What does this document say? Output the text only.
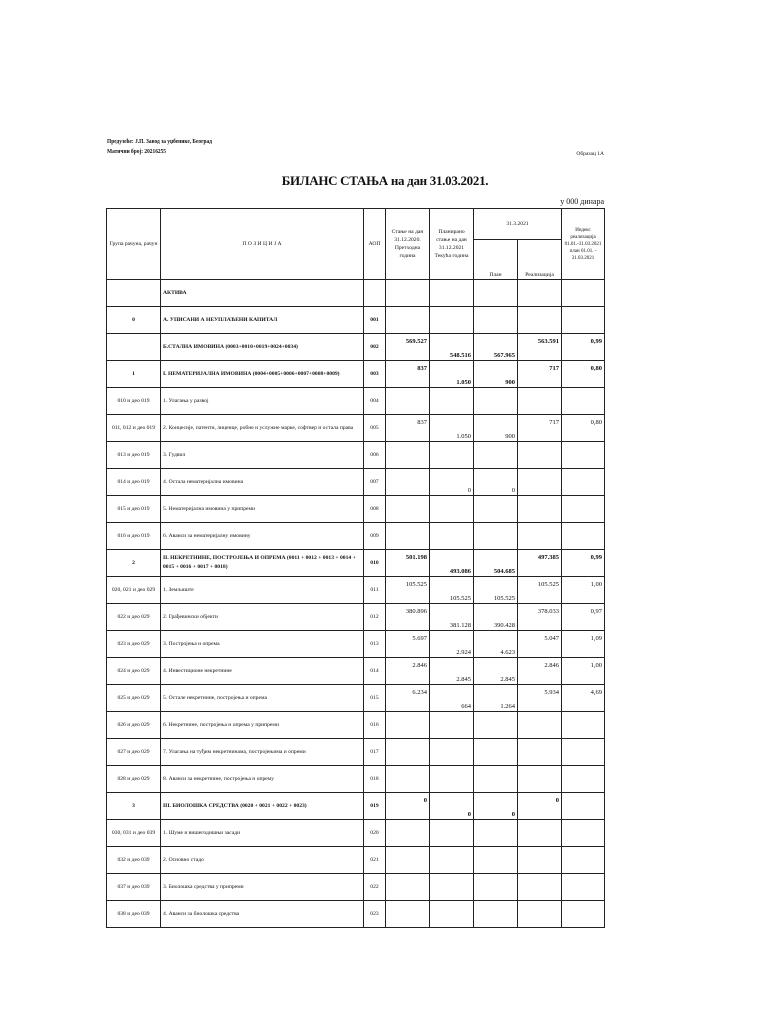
Предузеће: Ј.П. Завод за уџбенике, Београд
Матични број: 20216255	Образац 1А
БИЛАНС СТАЊА на дан 31.03.2021.
у 000 динара
Група рачуна, рачун	П О З И Ц И Ј А	АОП	Стање на дан 31.12.2020. Претходна година	Планирано стање на дан 31.12.2021 Текућа година	31.3.2021		Индекс реализација 01.01.-31.03.2021 план 01.01. - 31.03.2021
					План	Реализација	
	АКТИВА						
0	А. УПИСАНИ А НЕУПЛАЋЕНИ КАПИТАЛ	001					
	Б.СТАЛНА ИМОВИНА (0003+0010+0019+0024+0034)	002	569.527	548.516	567.965	563.591	0,99
1	I. НЕМАТЕРИЈАЛНА ИМОВИНА (0004+0005+0006+0007+0008+0009)	003	837	1.050	900	717	0,80
010 и део 019	1. Улагања у развој	004					
011, 012 и део 019	2. Концесије, патенти, лиценце, робне и услужне марке, софтвер и остала права	005	837	1.050	900	717	0,80
013 и део 019	3. Гудвил	006					
014 и део 019	4. Остала нематеријална имовина	007		0	0		
015 и део 019	5. Нематеријална имовина у припреми	008					
016 и део 019	6. Аванси за нематеријалну имовину	009					
2	II. НЕКРЕТНИНЕ, ПОСТРОЈЕЊА И ОПРЕМА (0011 + 0012 + 0013 + 0014 + 0015 + 0016 + 0017 + 0018)	010	501.198	493.086	504.685	497.385	0,99
020, 021 и део 029	1. Земљиште	011	105.525	105.525	105.525	105.525	1,00
022 и део 029	2. Грађевински објекти	012	380.896	381.128	390.428	378.033	0,97
023 и део 029	3. Постројења и опрема	013	5.697	2.924	4.623	5.047	1,09
024 и део 029	4. Инвестиционе некретнине	014	2.846	2.845	2.845	2.846	1,00
025 и део 029	5. Остале некретнине, постројења и опрема	015	6.234	664	1.264	5.934	4,69
026 и део 029	6. Некретнине, постројења и опрема у припреми	016					
027 и део 029	7. Улагања на туђим некретнинама, постројењима и опреми	017					
028 и део 029	8. Аванси за некретнине, постројења и опрему	018					
3	III. БИОЛОШКА СРЕДСТВА (0020 + 0021 + 0022 + 0023)	019	0	0	0	0	
030, 031 и део 039	1. Шуме и вишегодишњи засади	020					
032 и део 039	2. Основно стадо	021					
037 и део 039	3. Биолошка средства у припреми	022					
038 и део 039	4. Аванси за биолошка средства	023					
